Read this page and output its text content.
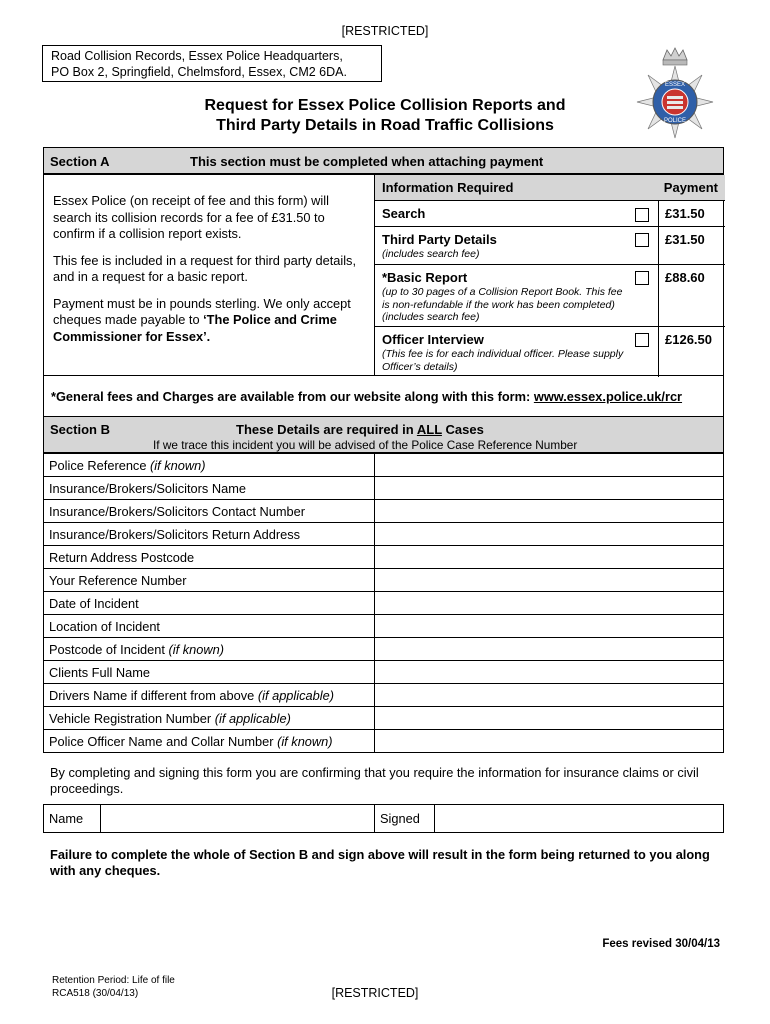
[RESTRICTED]
Road Collision Records, Essex Police Headquarters,
PO Box 2, Springfield, Chelmsford, Essex, CM2 6DA.
ESSEX
POLICE
Request for Essex Police Collision Reports and
Third Party Details in Road Traffic Collisions
Section A	This section must be completed when attaching payment

Essex Police (on receipt of fee and this form) will search its collision records for a fee of £31.50 to confirm if a collision report exists.

This fee is included in a request for third party details, and in a request for a basic report.

Payment must be in pounds sterling. We only accept cheques made payable to ‘The Police and Crime Commissioner for Essex’.

Information Required	Payment
Search	£31.50
Third Party Details
(includes search fee)
£31.50
*Basic Report
(up to 30 pages of a Collision Report Book. This fee is non-refundable if the work has been completed) (includes search fee)
£88.60
Officer Interview
(This fee is for each individual officer. Please supply Officer’s details)
£126.50
*General fees and Charges are available from our website along with this form: www.essex.police.uk/rcr
Section B	These Details are required in ALL Cases
If we trace this incident you will be advised of the Police Case Reference Number
Police Reference (if known)	
Insurance/Brokers/Solicitors Name	
Insurance/Brokers/Solicitors Contact Number	
Insurance/Brokers/Solicitors Return Address	
Return Address Postcode	
Your Reference Number	
Date of Incident	
Location of Incident	
Postcode of Incident (if known)	
Clients Full Name	
Drivers Name if different from above (if applicable)	
Vehicle Registration Number (if applicable)	
Police Officer Name and Collar Number (if known)	
By completing and signing this form you are confirming that you require the information for insurance claims or civil proceedings.
Name		Signed	
Failure to complete the whole of Section B and sign above will result in the form being returned to you along with any cheques.
Fees revised 30/04/13
Retention Period: Life of file
RCA518 (30/04/13)	[RESTRICTED]
